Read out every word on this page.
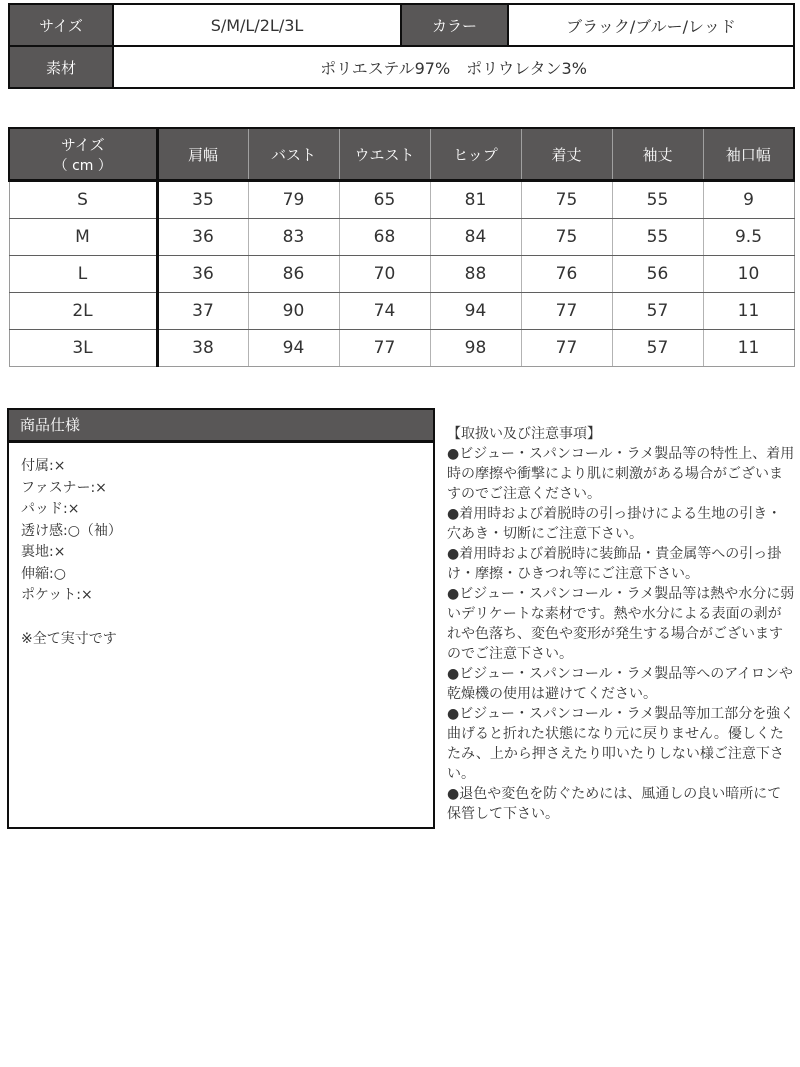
サイズ	S/M/L/2L/3L	カラー	ブラック/ブルー/レッド
素材	ポリエステル97%　ポリウレタン3%		
サイズ
（ cm ）	肩幅	バスト	ウエスト	ヒップ	着丈	袖丈	袖口幅
S	35	79	65	81	75	55	9
M	36	83	68	84	75	55	9.5
L	36	86	70	88	76	56	10
2L	37	90	74	94	77	57	11
3L	38	94	77	98	77	57	11
商品仕様
付属:×
ファスナー:×
パッド:×
透け感:○（袖）
裏地:×
伸縮:○
ポケット:×
※全て実寸です

【取扱い及び注意事項】

●ビジュー・スパンコール・ラメ製品等の特性上、着用時の摩擦や衝撃により肌に刺激がある場合がございますのでご注意ください。

●着用時および着脱時の引っ掛けによる生地の引き・穴あき・切断にご注意下さい。

●着用時および着脱時に装飾品・貴金属等への引っ掛け・摩擦・ひきつれ等にご注意下さい。

●ビジュー・スパンコール・ラメ製品等は熱や水分に弱いデリケートな素材です。熱や水分による表面の剥がれや色落ち、変色や変形が発生する場合がございますのでご注意下さい。

●ビジュー・スパンコール・ラメ製品等へのアイロンや乾燥機の使用は避けてください。

●ビジュー・スパンコール・ラメ製品等加工部分を強く曲げると折れた状態になり元に戻りません。優しくたたみ、上から押さえたり叩いたりしない様ご注意下さい。

●退色や変色を防ぐためには、風通しの良い暗所にて保管して下さい。
